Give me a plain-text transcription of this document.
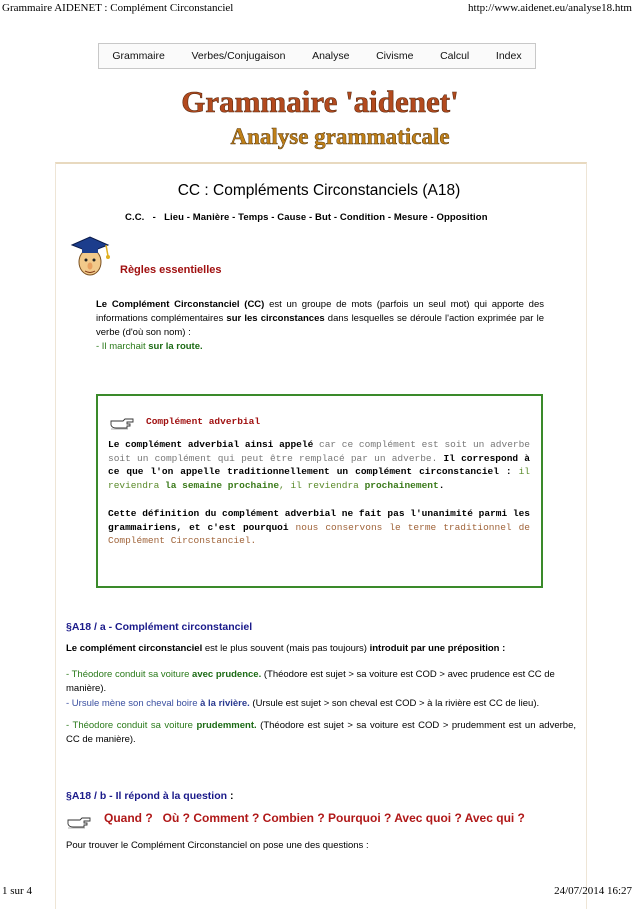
Grammaire AIDENET : Complément Circonstanciel	http://www.aidenet.eu/analyse18.htm
Grammaire	Verbes/Conjugaison	Analyse	Civisme	Calcul	Index
Grammaire 'aidenet'
Analyse grammaticale
CC : Compléments Circonstanciels (A18)
C.C.   -   Lieu - Manière - Temps - Cause - But - Condition - Mesure - Opposition
Règles essentielles
Le Complément Circonstanciel (CC) est un groupe de mots (parfois un seul mot) qui apporte des informations complémentaires sur les circonstances dans lesquelles se déroule l'action exprimée par le verbe (d'où son nom) :
- Il marchait sur la route.
Complément adverbial
Le complément adverbial ainsi appelé car ce complément est soit un adverbe soit un complément qui peut être remplacé par un adverbe. Il correspond à ce que l'on appelle traditionnellement un complément circonstanciel : il reviendra la semaine prochaine, il reviendra prochainement.
Cette définition du complément adverbial ne fait pas l'unanimité parmi les grammairiens, et c'est pourquoi nous conservons le terme traditionnel de Complément Circonstanciel.
§A18 / a - Complément circonstanciel
Le complément circonstanciel est le plus souvent (mais pas toujours) introduit par une préposition :
- Théodore conduit sa voiture avec prudence. (Théodore est sujet > sa voiture est COD > avec prudence est CC de manière).
- Ursule mène son cheval boire à la rivière. (Ursule est sujet > son cheval est COD > à la rivière est CC de lieu).
- Théodore conduit sa voiture prudemment. (Théodore est sujet > sa voiture est COD > prudemment est un adverbe, CC de manière).
§A18 / b - Il répond à la question :
Quand ?   Où ? Comment ? Combien ? Pourquoi ? Avec quoi ? Avec qui ?
Pour trouver le Complément Circonstanciel on pose une des questions :
1 sur 4	24/07/2014 16:27
